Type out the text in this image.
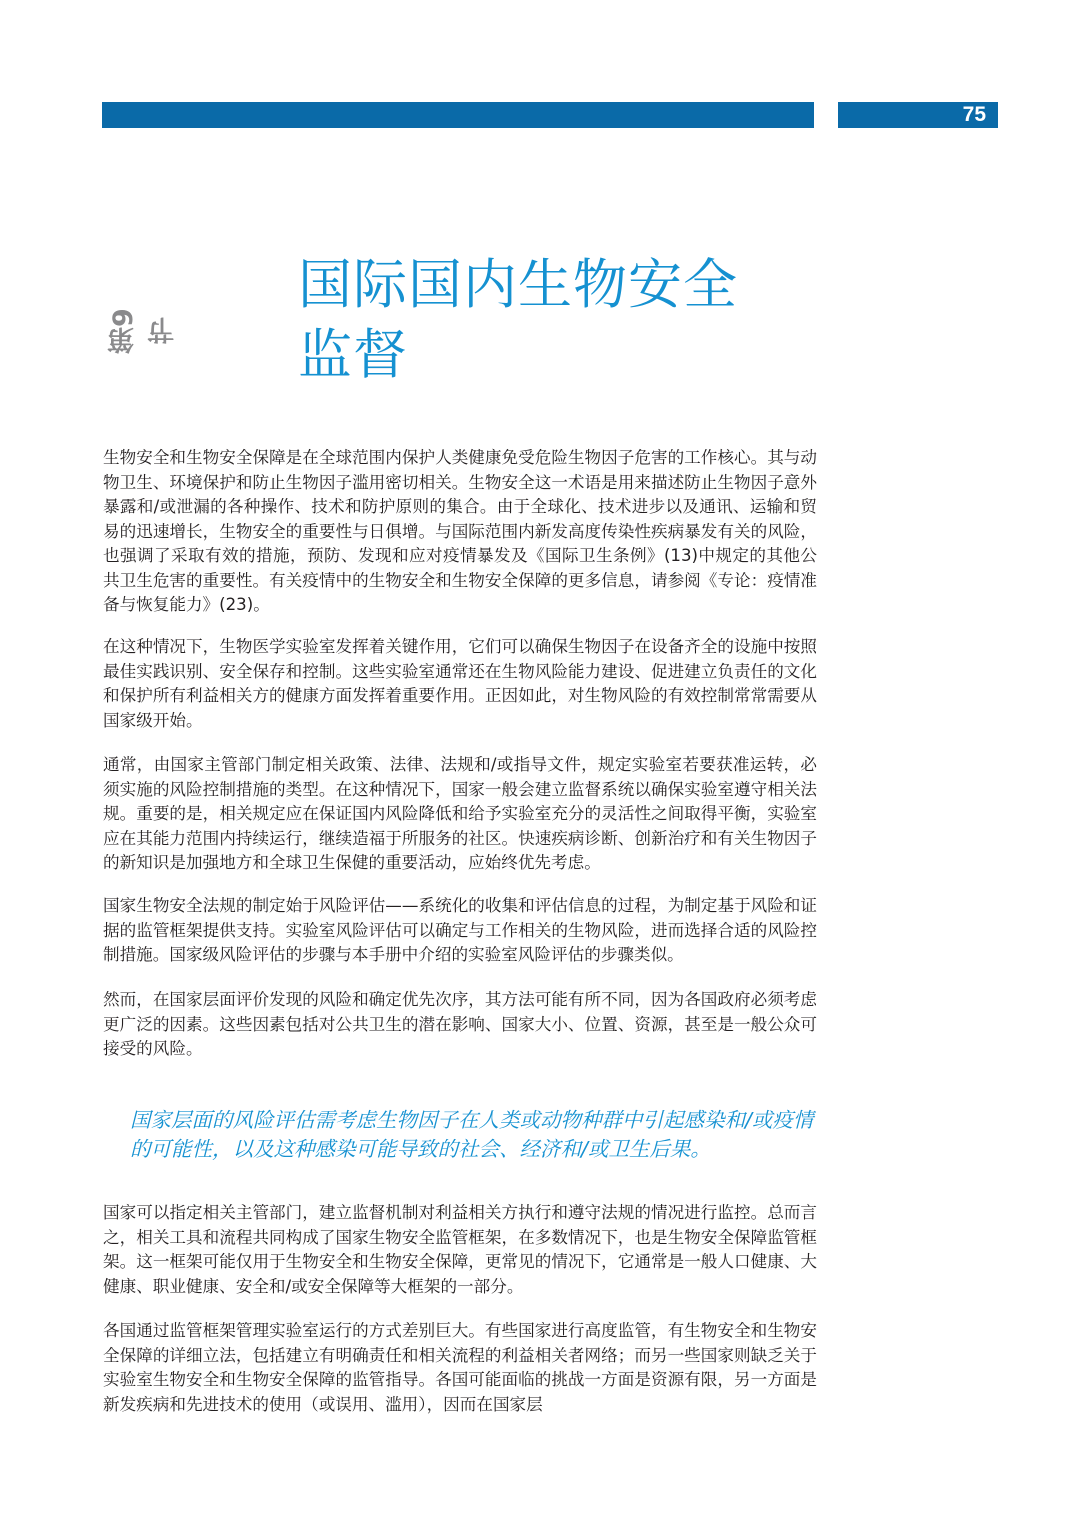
75
第9节
国际国内生物安全
监督

生物安全和生物安全保障是在全球范围内保护人类健康免受危险生物因子危害的工作核心。其与动物卫生、环境保护和防止生物因子滥用密切相关。生物安全这一术语是用来描述防止生物因子意外暴露和/或泄漏的各种操作、技术和防护原则的集合。由于全球化、技术进步以及通讯、运输和贸易的迅速增长，生物安全的重要性与日俱增。与国际范围内新发高度传染性疾病暴发有关的风险，也强调了采取有效的措施，预防、发现和应对疫情暴发及《国际卫生条例》(13)中规定的其他公共卫生危害的重要性。有关疫情中的生物安全和生物安全保障的更多信息，请参阅《专论：疫情准备与恢复能力》(23)。

在这种情况下，生物医学实验室发挥着关键作用，它们可以确保生物因子在设备齐全的设施中按照最佳实践识别、安全保存和控制。这些实验室通常还在生物风险能力建设、促进建立负责任的文化和保护所有利益相关方的健康方面发挥着重要作用。正因如此，对生物风险的有效控制常常需要从国家级开始。

通常，由国家主管部门制定相关政策、法律、法规和/或指导文件，规定实验室若要获准运转，必须实施的风险控制措施的类型。在这种情况下，国家一般会建立监督系统以确保实验室遵守相关法规。重要的是，相关规定应在保证国内风险降低和给予实验室充分的灵活性之间取得平衡，实验室应在其能力范围内持续运行，继续造福于所服务的社区。快速疾病诊断、创新治疗和有关生物因子的新知识是加强地方和全球卫生保健的重要活动，应始终优先考虑。

国家生物安全法规的制定始于风险评估——系统化的收集和评估信息的过程，为制定基于风险和证据的监管框架提供支持。实验室风险评估可以确定与工作相关的生物风险，进而选择合适的风险控制措施。国家级风险评估的步骤与本手册中介绍的实验室风险评估的步骤类似。

然而，在国家层面评价发现的风险和确定优先次序，其方法可能有所不同，因为各国政府必须考虑更广泛的因素。这些因素包括对公共卫生的潜在影响、国家大小、位置、资源，甚至是一般公众可接受的风险。

国家层面的风险评估需考虑生物因子在人类或动物种群中引起感染和/或疫情的可能性，以及这种感染可能导致的社会、经济和/或卫生后果。

国家可以指定相关主管部门，建立监督机制对利益相关方执行和遵守法规的情况进行监控。总而言之，相关工具和流程共同构成了国家生物安全监管框架，在多数情况下，也是生物安全保障监管框架。这一框架可能仅用于生物安全和生物安全保障，更常见的情况下，它通常是一般人口健康、大健康、职业健康、安全和/或安全保障等大框架的一部分。

各国通过监管框架管理实验室运行的方式差别巨大。有些国家进行高度监管，有生物安全和生物安全保障的详细立法，包括建立有明确责任和相关流程的利益相关者网络；而另一些国家则缺乏关于实验室生物安全和生物安全保障的监管指导。各国可能面临的挑战一方面是资源有限，另一方面是新发疾病和先进技术的使用（或误用、滥用），因而在国家层
